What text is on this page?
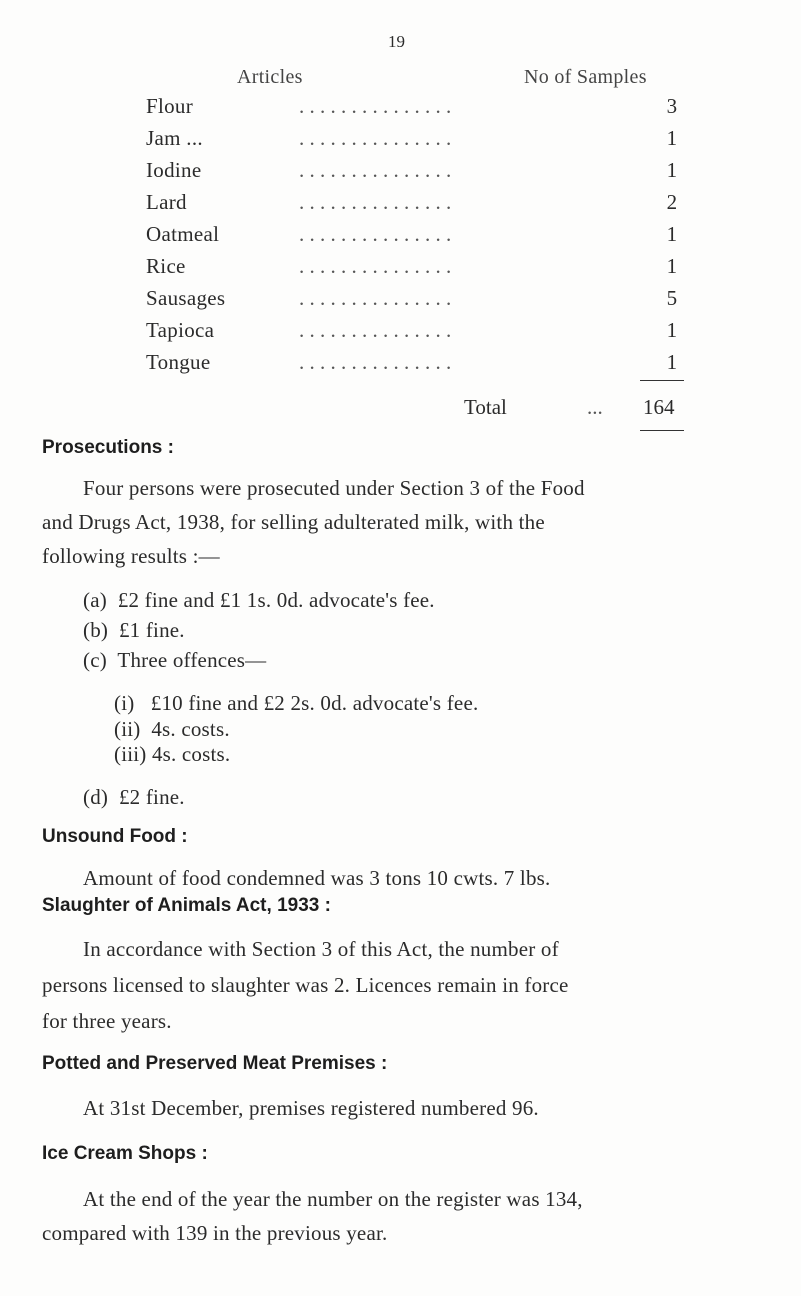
19
Articles	No of Samples
Flour	. . . . . . . . . . . . . . .	3
Jam ...	. . . . . . . . . . . . . . .	1
Iodine	. . . . . . . . . . . . . . .	1
Lard	. . . . . . . . . . . . . . .	2
Oatmeal	. . . . . . . . . . . . . . .	1
Rice	. . . . . . . . . . . . . . .	1
Sausages	. . . . . . . . . . . . . . .	5
Tapioca	. . . . . . . . . . . . . . .	1
Tongue	. . . . . . . . . . . . . . .	1
Total	... 164
Prosecutions :
Four persons were prosecuted under Section 3 of the Food
and Drugs Act, 1938, for selling adulterated milk, with the
following results :—
(a)  £2 fine and £1 1s. 0d. advocate's fee.
(b)  £1 fine.
(c)  Three offences—
(i)   £10 fine and £2 2s. 0d. advocate's fee.
(ii)  4s. costs.
(iii) 4s. costs.
(d)  £2 fine.
Unsound Food :
Amount of food condemned was 3 tons 10 cwts. 7 lbs.
Slaughter of Animals Act, 1933 :
In accordance with Section 3 of this Act, the number of
persons licensed to slaughter was 2. Licences remain in force
for three years.
Potted and Preserved Meat Premises :
At 31st December, premises registered numbered 96.
Ice Cream Shops :
At the end of the year the number on the register was 134,
compared with 139 in the previous year.
